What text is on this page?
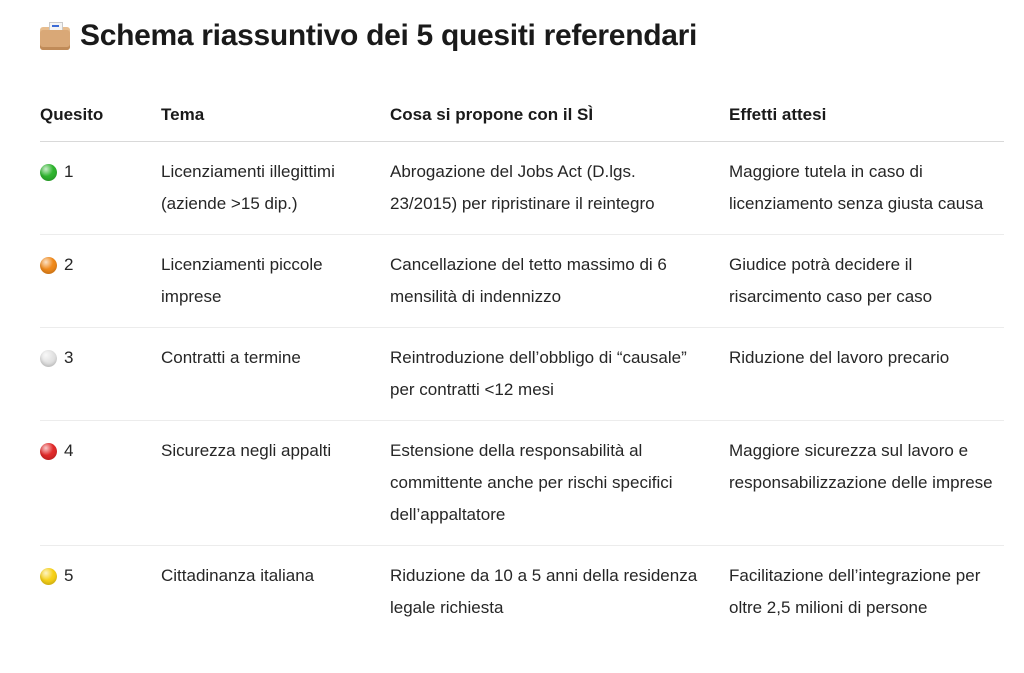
Schema riassuntivo dei 5 quesiti referendari
Quesito	Tema	Cosa si propone con il SÌ	Effetti attesi

1	Licenziamenti illegittimi (aziende >15 dip.)	Abrogazione del Jobs Act (D.lgs. 23/2015) per ripristinare il reintegro	Maggiore tutela in caso di licenziamento senza giusta causa

2	Licenziamenti piccole imprese	Cancellazione del tetto massimo di 6 mensilità di indennizzo	Giudice potrà decidere il risarcimento caso per caso

3	Contratti a termine	Reintroduzione dell’obbligo di “causale” per contratti <12 mesi	Riduzione del lavoro precario

4	Sicurezza negli appalti	Estensione della responsabilità al committente anche per rischi specifici dell’appaltatore	Maggiore sicurezza sul lavoro e responsabilizzazione delle imprese

5	Cittadinanza italiana	Riduzione da 10 a 5 anni della residenza legale richiesta	Facilitazione dell’integrazione per oltre 2,5 milioni di persone
